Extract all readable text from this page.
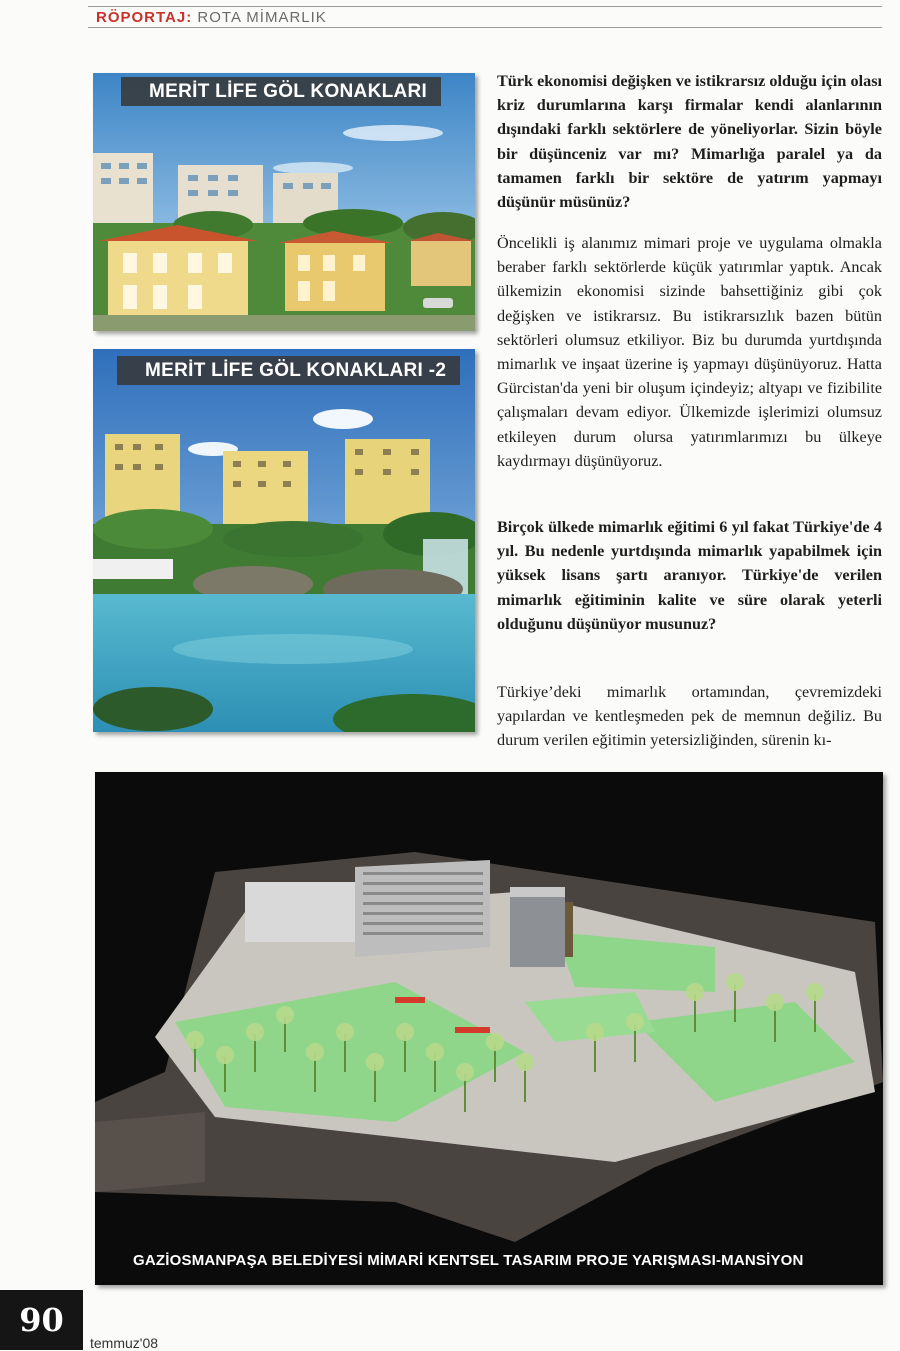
RÖPORTAJ: ROTA MİMARLIK
MERİT LİFE GÖL KONAKLARI
MERİT LİFE GÖL KONAKLARI -2

Türk ekonomisi değişken ve istikrarsız olduğu için olası kriz durumlarına karşı firmalar kendi alanlarının dışındaki farklı sektörlere de yöneliyorlar. Sizin böyle bir düşünceniz var mı? Mimarlığa paralel ya da tamamen farklı bir sektöre de yatırım yapmayı düşünür müsünüz?

Öncelikli iş alanımız mimari proje ve uygulama olmakla beraber farklı sektörlerde küçük yatırımlar yaptık. Ancak ülkemizin ekonomisi sizinde bahsettiğiniz gibi çok değişken ve istikrarsız. Bu istikrarsızlık bazen bütün sektörleri olumsuz etkiliyor. Biz bu durumda yurtdışında mimarlık ve inşaat üzerine iş yapmayı düşünüyoruz. Hatta Gürcistan'da yeni bir oluşum içindeyiz; altyapı ve fizibilite çalışmaları devam ediyor. Ülkemizde işlerimizi olumsuz etkileyen durum olursa yatırımlarımızı bu ülkeye kaydırmayı düşünüyoruz.

Birçok ülkede mimarlık eğitimi 6 yıl fakat Türkiye'de 4 yıl. Bu nedenle yurtdışında mimarlık yapabilmek için yüksek lisans şartı aranıyor. Türkiye'de verilen mimarlık eğitiminin kalite ve süre olarak yeterli olduğunu düşünüyor musunuz?

Türkiye’deki mimarlık ortamından, çevremizdeki yapılardan ve kentleşmeden pek de memnun değiliz. Bu durum verilen eğitimin yetersizliğinden, sürenin kı-

GAZİOSMANPAŞA BELEDİYESİ MİMARİ KENTSEL TASARIM PROJE YARIŞMASI-MANSİYON
90
temmuz'08
